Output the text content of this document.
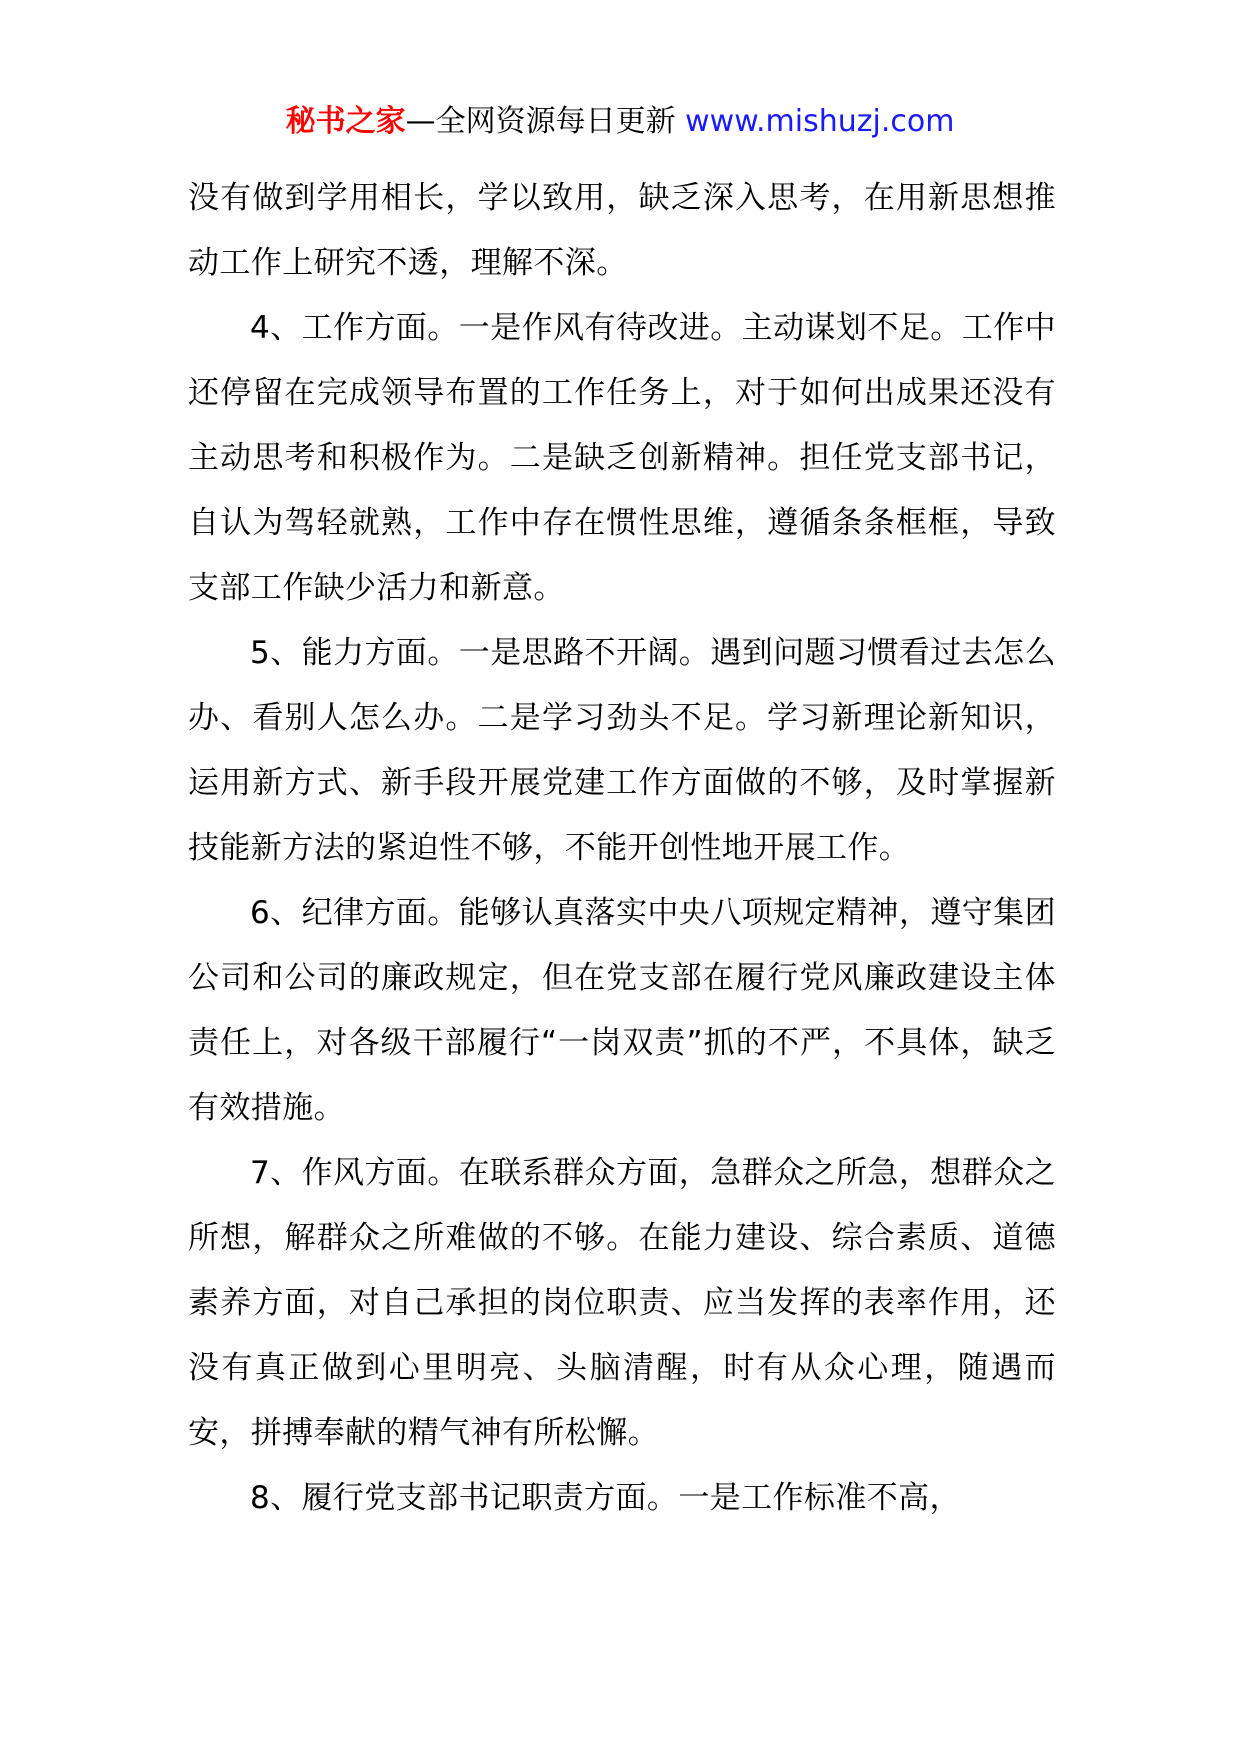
秘书之家—全网资源每日更新 www.mishuzj.com

没有做到学用相长，学以致用，缺乏深入思考，在用新思想推动工作上研究不透，理解不深。

4、工作方面。一是作风有待改进。主动谋划不足。工作中还停留在完成领导布置的工作任务上，对于如何出成果还没有主动思考和积极作为。二是缺乏创新精神。担任党支部书记，自认为驾轻就熟，工作中存在惯性思维，遵循条条框框，导致支部工作缺少活力和新意。

5、能力方面。一是思路不开阔。遇到问题习惯看过去怎么办、看别人怎么办。二是学习劲头不足。学习新理论新知识，运用新方式、新手段开展党建工作方面做的不够，及时掌握新技能新方法的紧迫性不够，不能开创性地开展工作。

6、纪律方面。能够认真落实中央八项规定精神，遵守集团公司和公司的廉政规定，但在党支部在履行党风廉政建设主体责任上，对各级干部履行“一岗双责”抓的不严，不具体，缺乏有效措施。

7、作风方面。在联系群众方面，急群众之所急，想群众之所想，解群众之所难做的不够。在能力建设、综合素质、道德素养方面，对自己承担的岗位职责、应当发挥的表率作用，还没有真正做到心里明亮、头脑清醒，时有从众心理，随遇而安，拼搏奉献的精气神有所松懈。

8、履行党支部书记职责方面。一是工作标准不高，
